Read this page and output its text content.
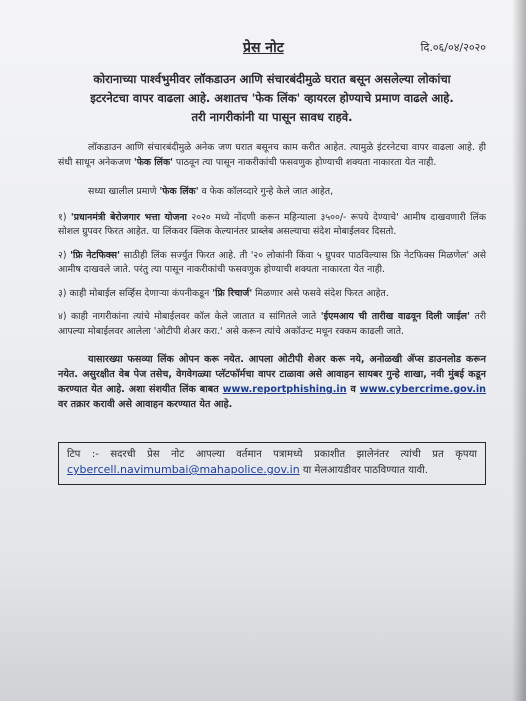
प्रेस नोट	दि.०६/०४/२०२०
कोरानाच्या पार्श्वभुमीवर लॉकडाउन आणि संचारबंदीमुळे घरात बसून असलेल्या लोकांचा
इटरनेटचा वापर वाढला आहे. अशातच 'फेक लिंक' व्हायरल होण्याचे प्रमाण वाढले आहे.
तरी नागरीकांनी या पासून सावध राहवे.

लॉकडाउन आणि संचारबंदीमुळे अनेक जण घरात बसूनच काम करीत आहेत. त्यामुळे इंटरनेटचा वापर वाढला आहे. ही संधी साधून अनेकजण 'फेक लिंक' पाठवून त्या पासून नाकरीकांची फसवणुक होण्याची शक्यता नाकारता येत नाही.

सध्या खालील प्रमाणे 'फेक लिंक' व फेक कॉलव्दारे गुन्हे केले जात आहेत,

१) 'प्रधानमंत्री बेरोजगार भत्ता योजना २०२० मध्ये नोंदणी करून महिन्याला ३५००/- रूपये देण्याचे' आमीष दाखवणारी लिंक सोशल ग्रुपवर फिरत आहेत. या लिंकवर क्लिक केल्यानंतर प्राब्लेब असल्याचा संदेश मोबाईलवर दिसतो.

२) 'फ्रि नेटफिक्स' साठीही लिंक सर्ज्युत फिरत आहे. ती '२० लोकांनी किंवा ५ ग्रुपवर पाठविल्यास फ्रि नेटफिक्स मिळणेल' असे आमीष दाखवले जाते. परंतु त्या पासून नाकरीकांची फसवणुक होण्याची शक्यता नाकारता येत नाही.

३) काही मोबाईल सर्व्हिस देणाऱ्या कंपनीकडून 'फ्रि रिचार्ज' मिळणार असे फसवे संदेश फिरत आहेत.

४) काही नागरीकांना त्यांचे मोबाईलवर कॉल केले जातात व सांगितले जाते 'ईएमआय ची तारीख वाढवून दिली जाईल' तरी आपल्या मोबाईलवर आलेला 'ओटीपी शेअर करा.' असे करून त्यांचे अकॉउन्ट मधून रक्कम काढली जाते.

यासारख्या फसव्या लिंक ओपन करू नयेत. आपला ओटीपी शेअर करू नये, अनोळखी ॲप्स डाउनलोड करून नयेत. असुरक्षीत वेब पेज तसेच, वेगवेगळ्या प्लॅटफॉर्मचा वापर टाळावा असे आवाहन सायबर गुन्हे शाखा, नवी मुंबई कडून करण्यात येत आहे. अशा संशयीत लिंक बाबत www.reportphishing.in व www.cybercrime.gov.in वर तक्रार करावी असे आवाहन करण्यात येत आहे.

टिप :- सदरची प्रेस नोट आपल्या वर्तमान पत्रामध्ये प्रकाशीत झालेनंतर त्यांची प्रत कृपया cybercell.navimumbai@mahapolice.gov.in या मेलआयडीवर पाठविण्यात यावी.
